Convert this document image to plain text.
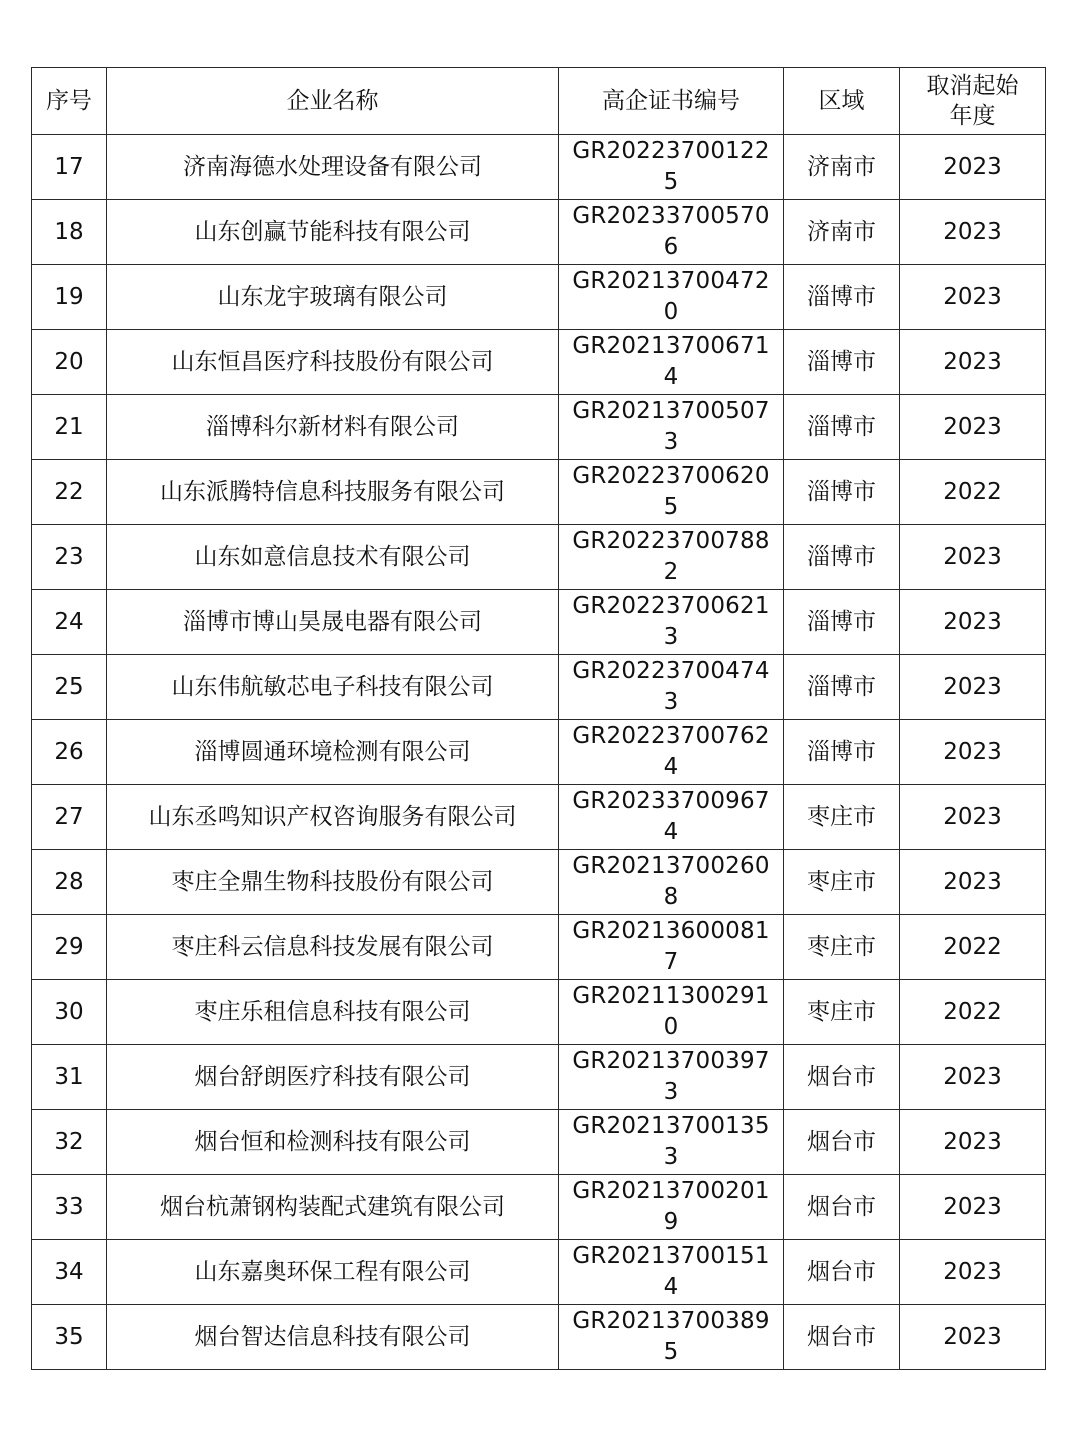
序号	企业名称	高企证书编号	区域	取消起始
年度

17	济南海德水处理设备有限公司	GR202237001225	济南市	2023
18	山东创赢节能科技有限公司	GR202337005706	济南市	2023
19	山东龙宇玻璃有限公司	GR202137004720	淄博市	2023
20	山东恒昌医疗科技股份有限公司	GR202137006714	淄博市	2023
21	淄博科尔新材料有限公司	GR202137005073	淄博市	2023
22	山东派腾特信息科技服务有限公司	GR202237006205	淄博市	2022
23	山东如意信息技术有限公司	GR202237007882	淄博市	2023
24	淄博市博山昊晟电器有限公司	GR202237006213	淄博市	2023
25	山东伟航敏芯电子科技有限公司	GR202237004743	淄博市	2023
26	淄博圆通环境检测有限公司	GR202237007624	淄博市	2023
27	山东丞鸣知识产权咨询服务有限公司	GR202337009674	枣庄市	2023
28	枣庄全鼎生物科技股份有限公司	GR202137002608	枣庄市	2023
29	枣庄科云信息科技发展有限公司	GR202136000817	枣庄市	2022
30	枣庄乐租信息科技有限公司	GR202113002910	枣庄市	2022
31	烟台舒朗医疗科技有限公司	GR202137003973	烟台市	2023
32	烟台恒和检测科技有限公司	GR202137001353	烟台市	2023
33	烟台杭萧钢构装配式建筑有限公司	GR202137002019	烟台市	2023
34	山东嘉奥环保工程有限公司	GR202137001514	烟台市	2023
35	烟台智达信息科技有限公司	GR202137003895	烟台市	2023
